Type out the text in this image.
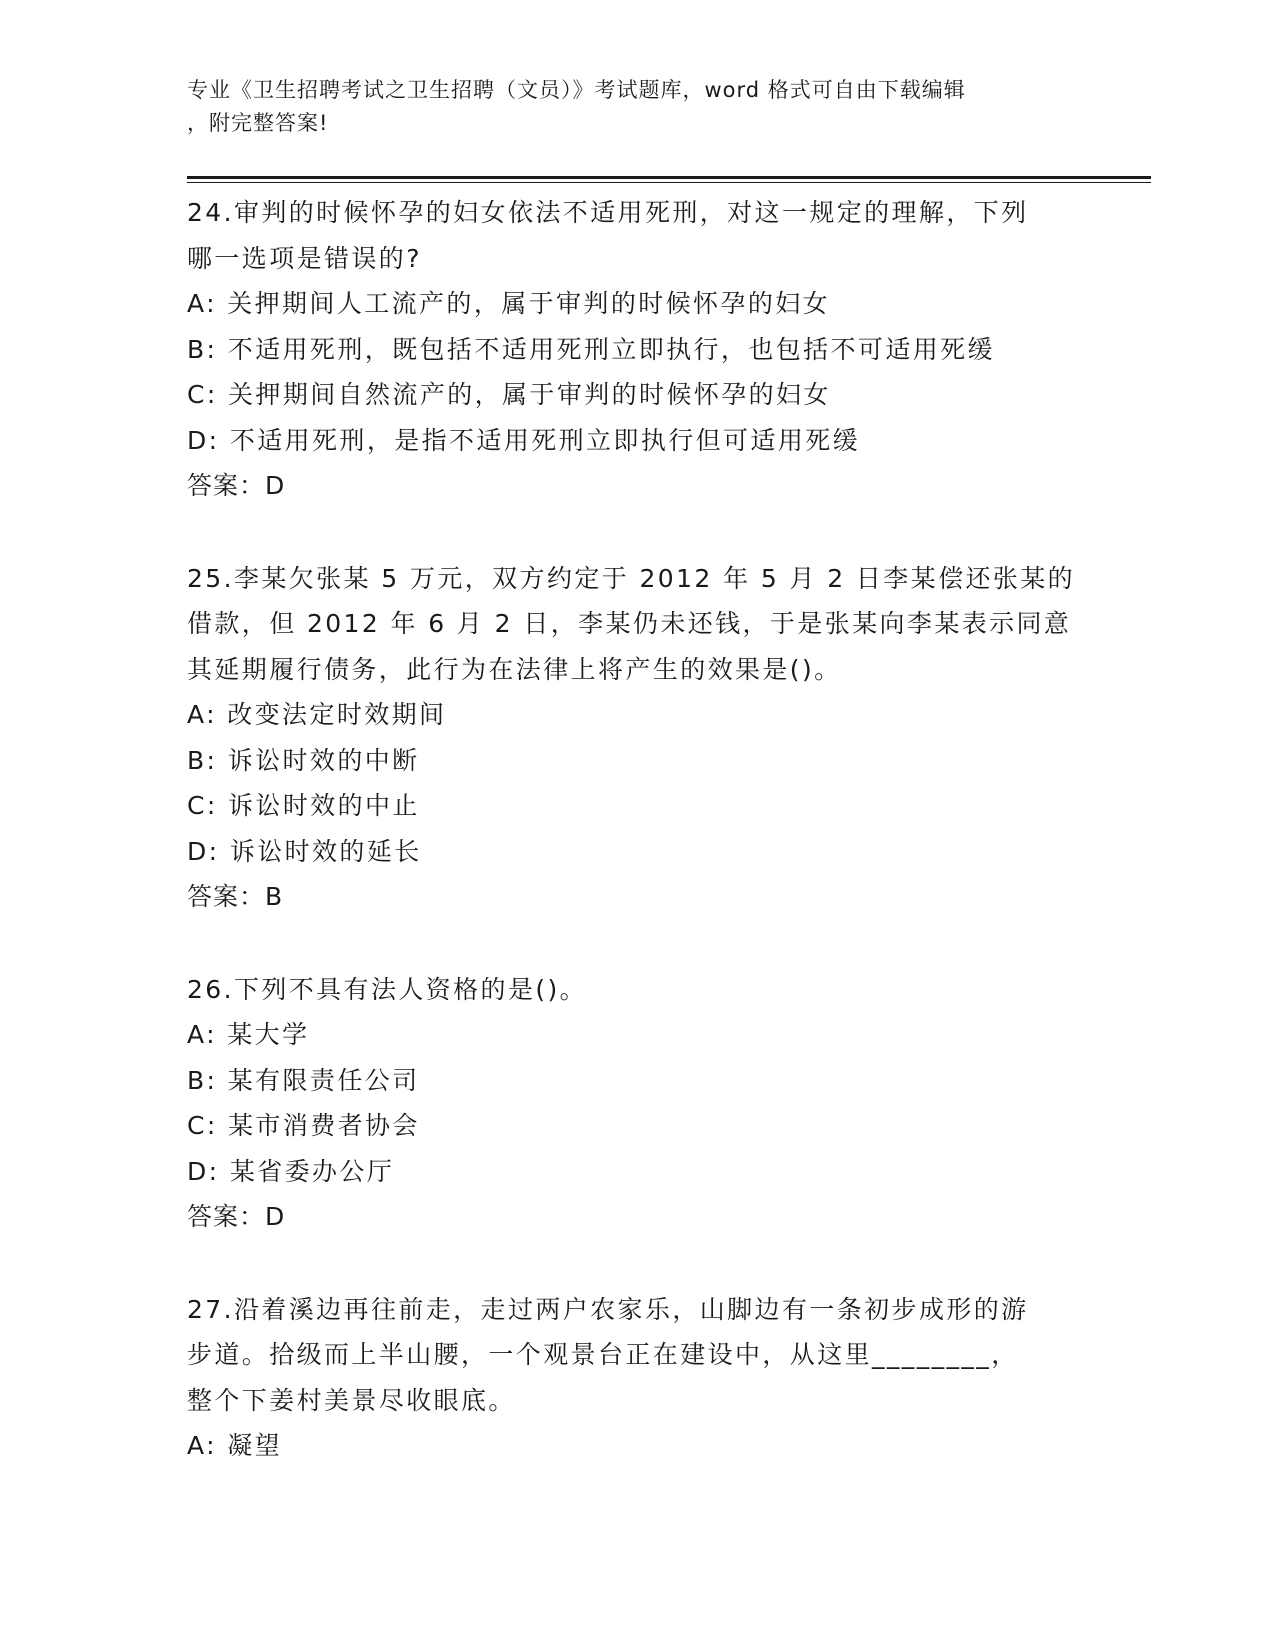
专业《卫生招聘考试之卫生招聘（文员）》考试题库，word 格式可自由下载编辑
，附完整答案!
24.审判的时候怀孕的妇女依法不适用死刑，对这一规定的理解，下列
哪一选项是错误的?
A: 关押期间人工流产的，属于审判的时候怀孕的妇女
B: 不适用死刑，既包括不适用死刑立即执行，也包括不可适用死缓
C: 关押期间自然流产的，属于审判的时候怀孕的妇女
D: 不适用死刑，是指不适用死刑立即执行但可适用死缓
答案：D
25.李某欠张某 5 万元，双方约定于 2012 年 5 月 2 日李某偿还张某的
借款，但 2012 年 6 月 2 日，李某仍未还钱，于是张某向李某表示同意
其延期履行债务，此行为在法律上将产生的效果是()。
A: 改变法定时效期间
B: 诉讼时效的中断
C: 诉讼时效的中止
D: 诉讼时效的延长
答案：B
26.下列不具有法人资格的是()。
A: 某大学
B: 某有限责任公司
C: 某市消费者协会
D: 某省委办公厅
答案：D
27.沿着溪边再往前走，走过两户农家乐，山脚边有一条初步成形的游
步道。拾级而上半山腰，一个观景台正在建设中，从这里________，
整个下姜村美景尽收眼底。
A: 凝望
